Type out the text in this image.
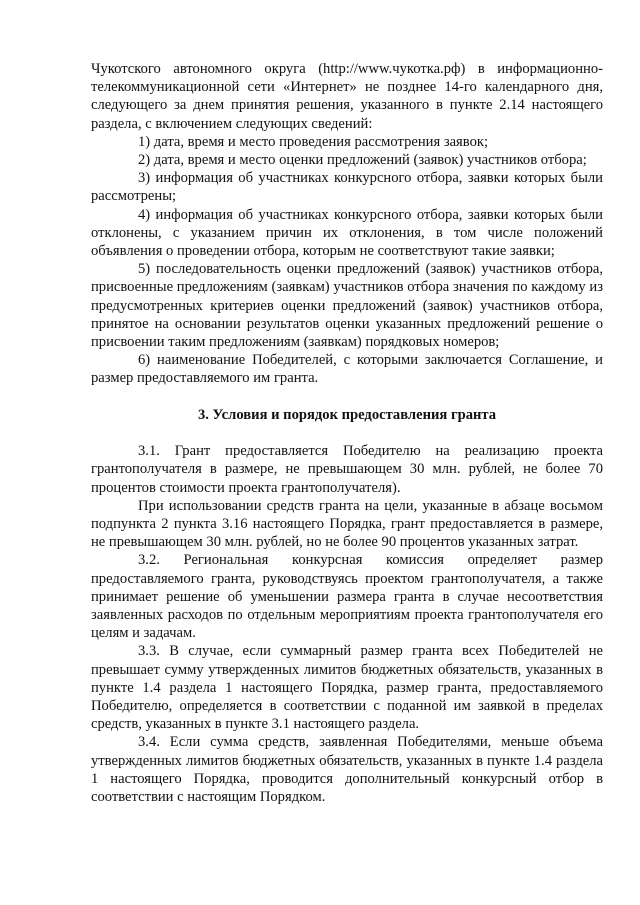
Чукотского автономного округа (http://www.чукотка.рф) в информационно-телекоммуникационной сети «Интернет» не позднее 14-го календарного дня, следующего за днем принятия решения, указанного в пункте 2.14 настоящего раздела, с включением следующих сведений:

1) дата, время и место проведения рассмотрения заявок;

2) дата, время и место оценки предложений (заявок) участников отбора;

3) информация об участниках конкурсного отбора, заявки которых были рассмотрены;

4) информация об участниках конкурсного отбора, заявки которых были отклонены, с указанием причин их отклонения, в том числе положений объявления о проведении отбора, которым не соответствуют такие заявки;

5) последовательность оценки предложений (заявок) участников отбора, присвоенные предложениям (заявкам) участников отбора значения по каждому из предусмотренных критериев оценки предложений (заявок) участников отбора, принятое на основании результатов оценки указанных предложений решение о присвоении таким предложениям (заявкам) порядковых номеров;

6) наименование Победителей, с которыми заключается Соглашение, и размер предоставляемого им гранта.

3. Условия и порядок предоставления гранта

3.1. Грант предоставляется Победителю на реализацию проекта грантополучателя в размере, не превышающем 30 млн. рублей, не более 70 процентов стоимости проекта грантополучателя).

При использовании средств гранта на цели, указанные в абзаце восьмом подпункта 2 пункта 3.16 настоящего Порядка, грант предоставляется в размере, не превышающем 30 млн. рублей, но не более 90 процентов указанных затрат.

3.2. Региональная конкурсная комиссия определяет размер предоставляемого гранта, руководствуясь проектом грантополучателя, а также принимает решение об уменьшении размера гранта в случае несоответствия заявленных расходов по отдельным мероприятиям проекта грантополучателя его целям и задачам.

3.3. В случае, если суммарный размер гранта всех Победителей не превышает сумму утвержденных лимитов бюджетных обязательств, указанных в пункте 1.4 раздела 1 настоящего Порядка, размер гранта, предоставляемого Победителю, определяется в соответствии с поданной им заявкой в пределах средств, указанных в пункте 3.1 настоящего раздела.

3.4. Если сумма средств, заявленная Победителями, меньше объема утвержденных лимитов бюджетных обязательств, указанных в пункте 1.4 раздела 1 настоящего Порядка, проводится дополнительный конкурсный отбор в соответствии с настоящим Порядком.
